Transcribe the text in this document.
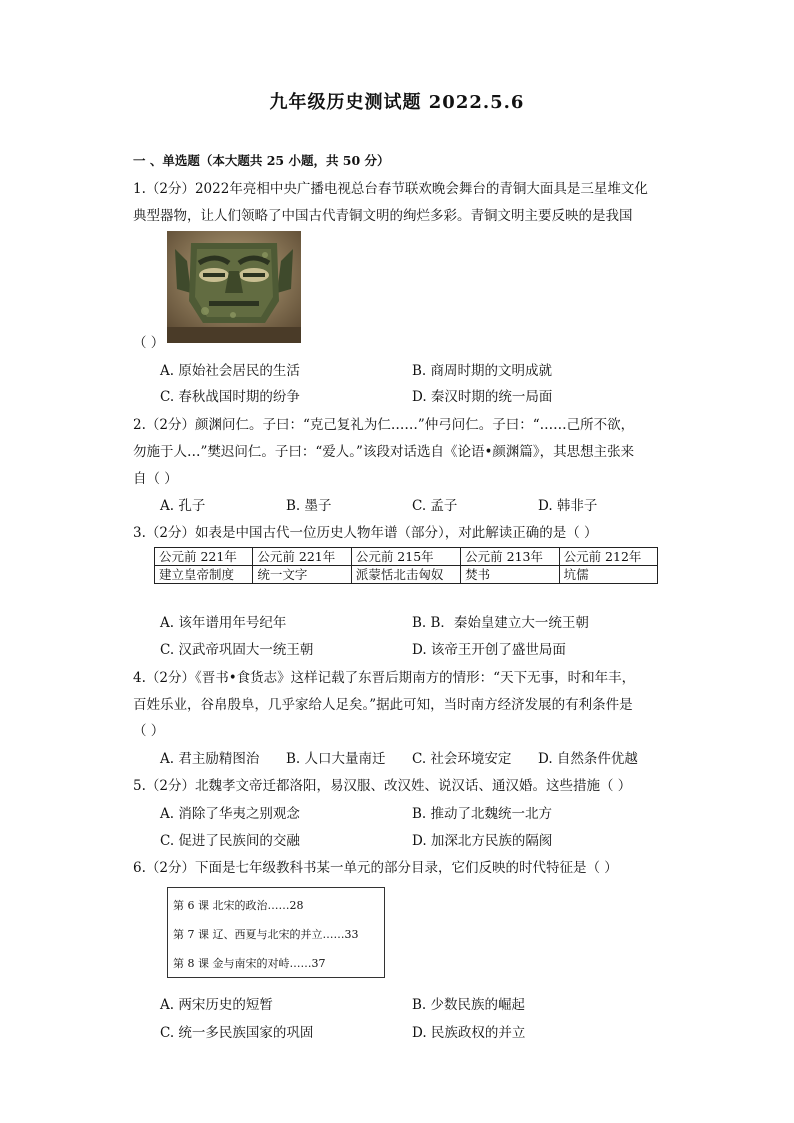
九年级历史测试题 2022.5.6
一 、单选题（本大题共 25 小题，共 50 分）
1.（2分）2022年亮相中央广播电视总台春节联欢晚会舞台的青铜大面具是三星堆文化
典型器物，让人们领略了中国古代青铜文明的绚烂多彩。青铜文明主要反映的是我国
（ ）
A. 原始社会居民的生活	B. 商周时期的文明成就
C. 春秋战国时期的纷争	D. 秦汉时期的统一局面
2.（2分）颜渊问仁。子曰：“克己复礼为仁……”仲弓问仁。子曰：“……己所不欲，
勿施于人…”樊迟问仁。子曰：“爱人。”该段对话选自《论语•颜渊篇》，其思想主张来
自（ ）
A. 孔子	B. 墨子	C. 孟子	D. 韩非子
3.（2分）如表是中国古代一位历史人物年谱（部分），对此解读正确的是（ ）
公元前 221年	公元前 221年	公元前 215年	公元前 213年	公元前 212年
建立皇帝制度	统一文字	派蒙恬北击匈奴	焚书	坑儒
A. 该年谱用年号纪年	B. B．秦始皇建立大一统王朝
C. 汉武帝巩固大一统王朝	D. 该帝王开创了盛世局面
4.（2分）《晋书•食货志》这样记载了东晋后期南方的情形：“天下无事，时和年丰，
百姓乐业，谷帛殷阜，几乎家给人足矣。”据此可知，当时南方经济发展的有利条件是
（ ）
A. 君主励精图治 B. 人口大量南迁 C. 社会环境安定 D. 自然条件优越
5.（2分）北魏孝文帝迁都洛阳，易汉服、改汉姓、说汉话、通汉婚。这些措施（ ）
A. 消除了华夷之别观念	B. 推动了北魏统一北方
C. 促进了民族间的交融	D. 加深北方民族的隔阂
6.（2分）下面是七年级教科书某一单元的部分目录，它们反映的时代特征是（ ）
第 6 课 北宋的政治……28
第 7 课 辽、西夏与北宋的并立……33
第 8 课 金与南宋的对峙……37
A. 两宋历史的短暂	B. 少数民族的崛起
C. 统一多民族国家的巩固	D. 民族政权的并立
